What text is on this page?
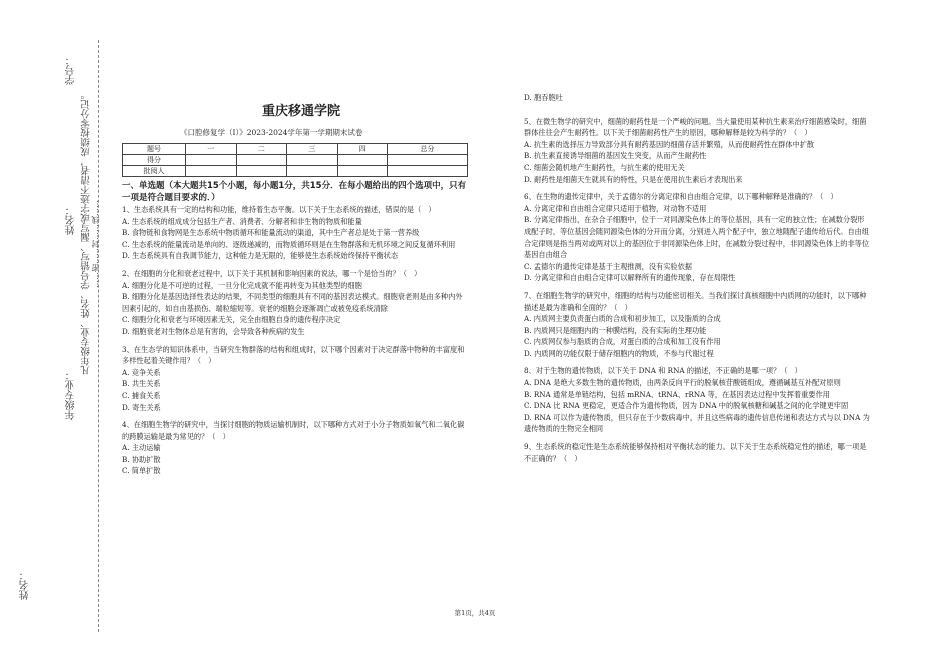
姓名：
年级专业：
凡年级专业、姓名、学号错写、漏写或字迹不清者，成绩按零分记。 ……密……封……线……
姓名：
学号：
重庆移通学院
《口腔修复学（Ⅰ）》2023-2024学年第一学期期末试卷
题号	一	二	三	四	总分
得分					
批阅人					

一、单选题（本大题共15个小题，每小题1分，共15分．在每小题给出的四个选项中，只有一项是符合题目要求的．）

1、生态系统具有一定的结构和功能，维持着生态平衡。以下关于生态系统的描述，错误的是（　）

A. 生态系统的组成成分包括生产者、消费者、分解者和非生物的物质和能量

B. 食物链和食物网是生态系统中物质循环和能量流动的渠道，其中生产者总是处于第一营养级

C. 生态系统的能量流动是单向的、逐级递减的，而物质循环则是在生物群落和无机环境之间反复循环利用

D. 生态系统具有自我调节能力，这种能力是无限的，能够使生态系统始终保持平衡状态

2、在细胞的分化和衰老过程中，以下关于其机制和影响因素的说法，哪一个是恰当的？（　）

A. 细胞分化是不可逆的过程，一旦分化完成就不能再转变为其他类型的细胞

B. 细胞分化是基因选择性表达的结果，不同类型的细胞具有不同的基因表达模式。细胞衰老则是由多种内外因素引起的，如自由基损伤、端粒缩短等。衰老的细胞会逐渐凋亡或被免疫系统清除

C. 细胞分化和衰老与环境因素无关，完全由细胞自身的遗传程序决定

D. 细胞衰老对生物体总是有害的，会导致各种疾病的发生

3、在生态学的知识体系中，当研究生物群落的结构和组成时，以下哪个因素对于决定群落中物种的丰富度和多样性起着关键作用？（　）

A. 竞争关系

B. 共生关系

C. 捕食关系

D. 寄生关系

4、在细胞生物学的研究中，当探讨细胞的物质运输机制时，以下哪种方式对于小分子物质如氧气和二氧化碳的跨膜运输是最为常见的？（　）

A. 主动运输

B. 协助扩散

C. 简单扩散

D. 胞吞胞吐

5、在微生物学的研究中，细菌的耐药性是一个严峻的问题。当大量使用某种抗生素来治疗细菌感染时，细菌群体往往会产生耐药性。以下关于细菌耐药性产生的原因，哪种解释是较为科学的？（　）

A. 抗生素的选择压力导致部分具有耐药基因的细菌存活并繁殖，从而使耐药性在群体中扩散

B. 抗生素直接诱导细菌的基因发生突变，从而产生耐药性

C. 细菌会随机地产生耐药性，与抗生素的使用无关

D. 耐药性是细菌天生就具有的特性，只是在使用抗生素后才表现出来

6、在生物的遗传定律中，关于孟德尔的分离定律和自由组合定律，以下哪种解释是准确的？（　）

A. 分离定律和自由组合定律只适用于植物，对动物不适用

B. 分离定律指出，在杂合子细胞中，位于一对同源染色体上的等位基因，具有一定的独立性；在减数分裂形成配子时，等位基因会随同源染色体的分开而分离，分别进入两个配子中，独立地随配子遗传给后代。自由组合定律则是指当两对或两对以上的基因位于非同源染色体上时，在减数分裂过程中，非同源染色体上的非等位基因自由组合

C. 孟德尔的遗传定律是基于主观推测，没有实验依据

D. 分离定律和自由组合定律可以解释所有的遗传现象，存在局限性

7、在细胞生物学的研究中，细胞的结构与功能密切相关。当我们探讨真核细胞中内质网的功能时，以下哪种描述是最为准确和全面的？（　）

A. 内质网主要负责蛋白质的合成和初步加工，以及脂质的合成

B. 内质网只是细胞内的一种膜结构，没有实际的生理功能

C. 内质网仅参与脂质的合成，对蛋白质的合成和加工没有作用

D. 内质网的功能仅限于储存细胞内的物质，不参与代谢过程

8、对于生物的遗传物质，以下关于 DNA 和 RNA 的描述，不正确的是哪一项？（　）

A. DNA 是绝大多数生物的遗传物质，由两条反向平行的脱氧核苷酸链组成，遵循碱基互补配对原则

B. RNA 通常是单链结构，包括 mRNA、tRNA、rRNA 等，在基因表达过程中发挥着重要作用

C. DNA 比 RNA 更稳定，更适合作为遗传物质，因为 DNA 中的脱氧核糖和碱基之间的化学键更牢固

D. RNA 可以作为遗传物质，但只存在于少数病毒中，并且这些病毒的遗传信息传递和表达方式与以 DNA 为遗传物质的生物完全相同

9、生态系统的稳定性是生态系统能够保持相对平衡状态的能力。以下关于生态系统稳定性的描述，哪一项是不正确的？（　）

第1页，共4页
